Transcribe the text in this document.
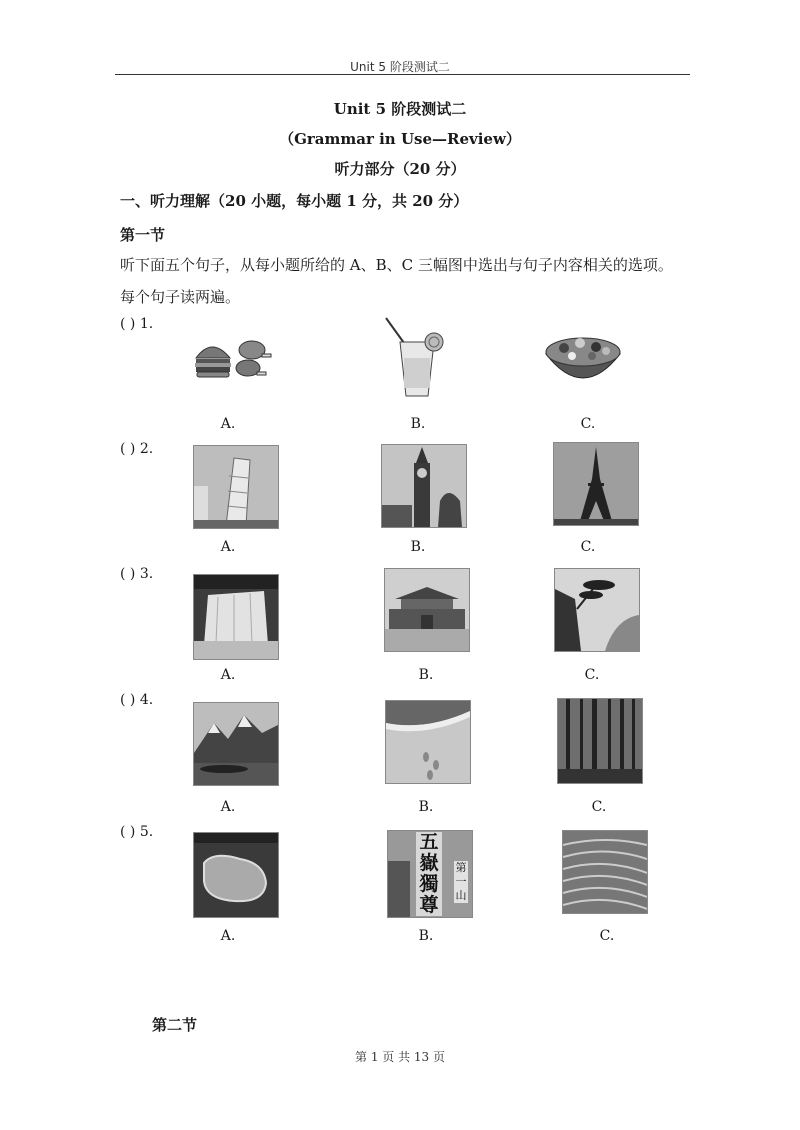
Unit 5 阶段测试二
Unit 5 阶段测试二
（Grammar in Use—Review）
听力部分（20 分）
一、听力理解（20 小题，每小题 1 分，共 20 分）
第一节
听下面五个句子，从每小题所给的 A、B、C 三幅图中选出与句子内容相关的选项。
每个句子读两遍。
( ) 1.
A.	B.	C.
( ) 2.
A.	B.	C.
( ) 3.
A.	B.	C.
( ) 4.
A.	B.	C.
( ) 5.	五嶽獨尊
第一山
A.	B.	C.
第二节
第 1 页 共 13 页
